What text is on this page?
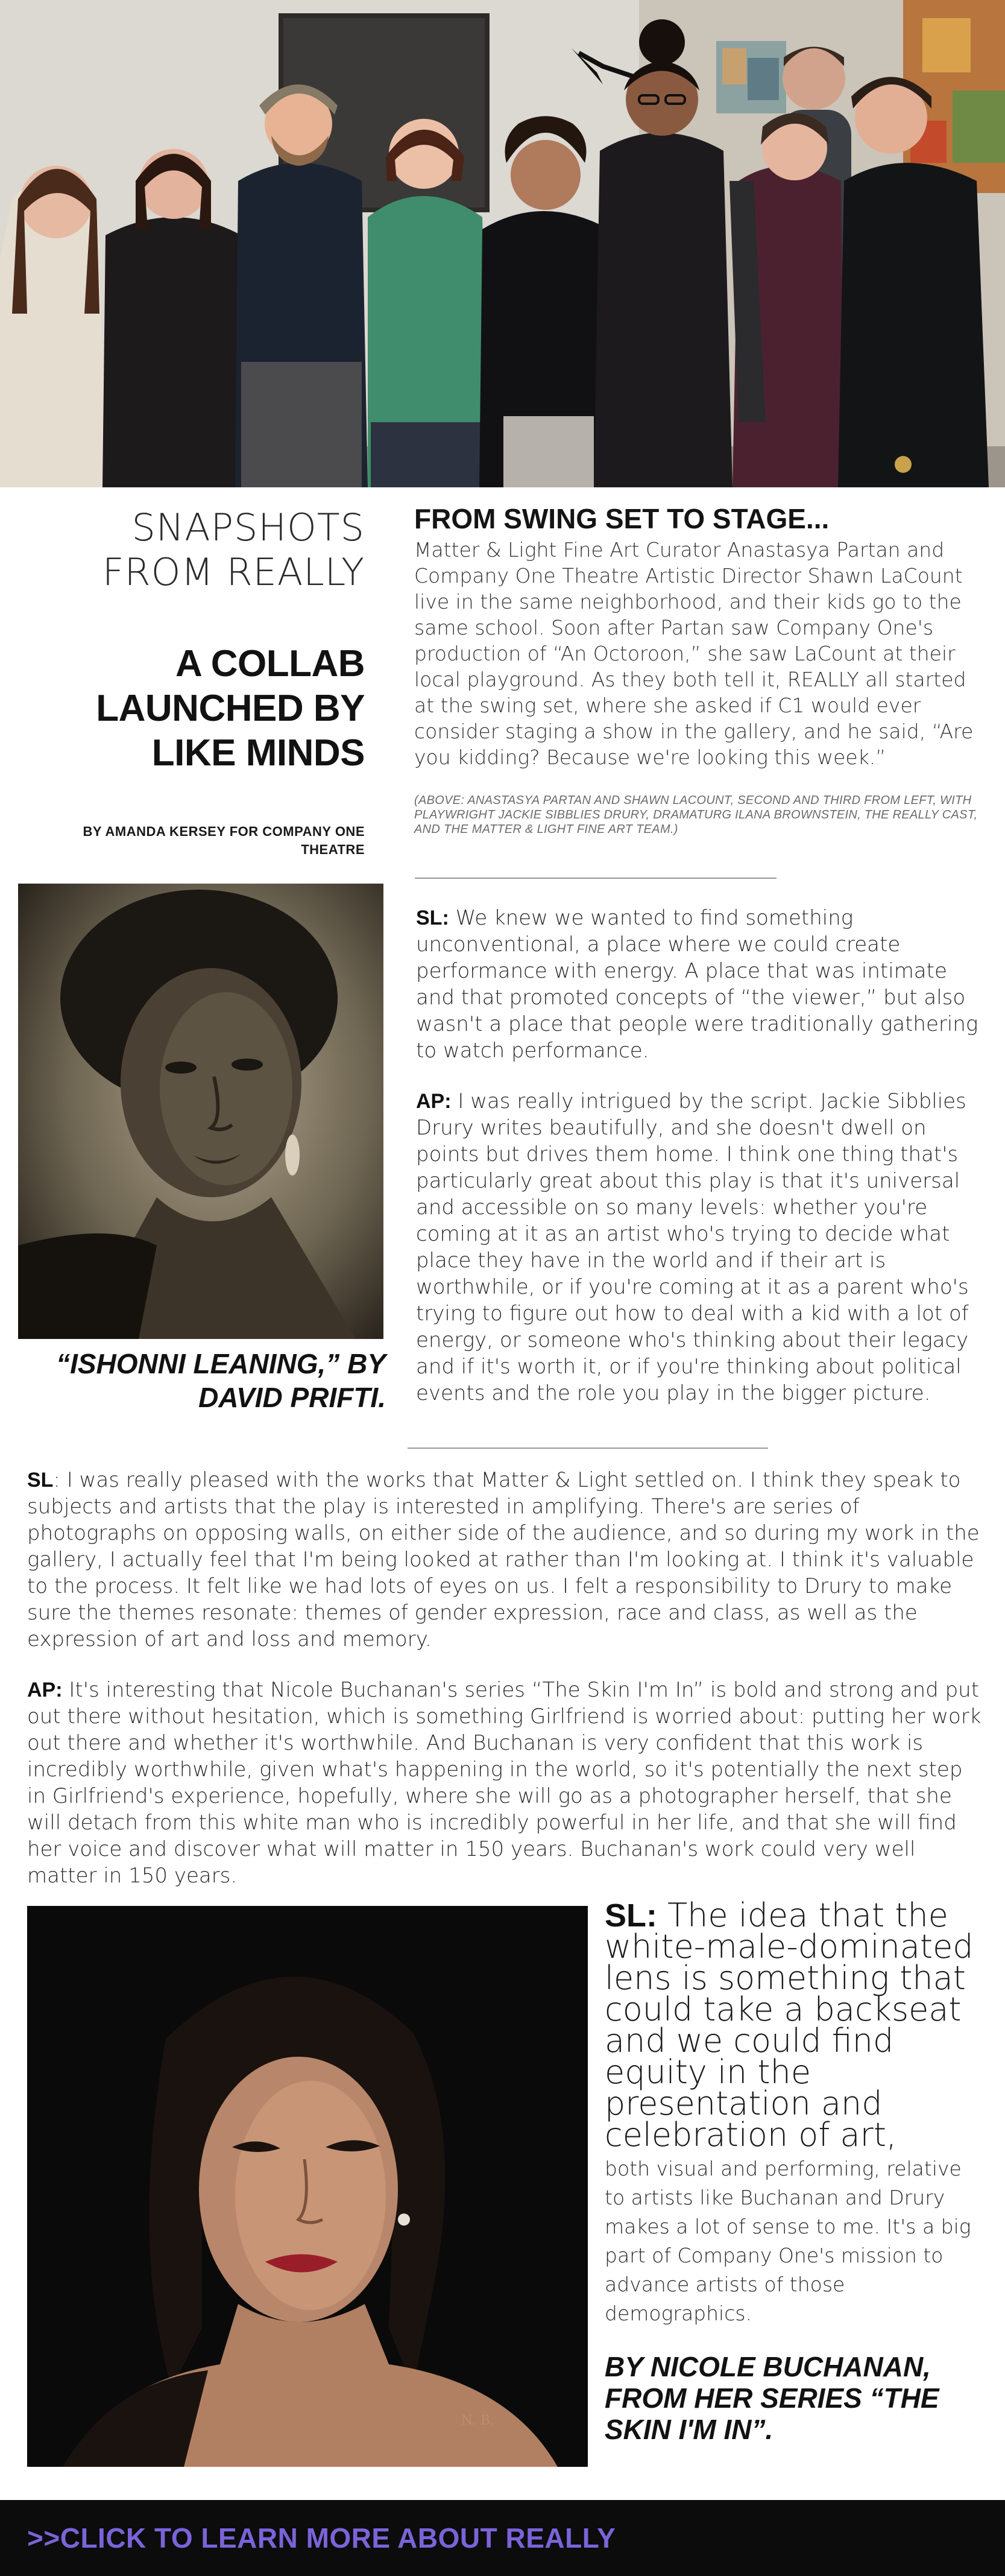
SNAPSHOTS FROM REALLY
A COLLAB LAUNCHED BY LIKE MINDS
BY AMANDA KERSEY FOR COMPANY ONE THEATRE
FROM SWING SET TO STAGE...
Matter & Light Fine Art Curator Anastasya Partan and Company One Theatre Artistic Director Shawn LaCount live in the same neighborhood, and their kids go to the same school. Soon after Partan saw Company One's production of “An Octoroon,” she saw LaCount at their local playground. As they both tell it, REALLY all started at the swing set, where she asked if C1 would ever consider staging a show in the gallery, and he said, “Are you kidding? Because we're looking this week.”
(ABOVE: ANASTASYA PARTAN AND SHAWN LACOUNT, SECOND AND THIRD FROM LEFT, WITH PLAYWRIGHT JACKIE SIBBLIES DRURY, DRAMATURG ILANA BROWNSTEIN, THE REALLY CAST, AND THE MATTER & LIGHT FINE ART TEAM.)
“ISHONNI LEANING,” BY DAVID PRIFTI.

SL: We knew we wanted to find something unconventional, a place where we could create performance with energy. A place that was intimate and that promoted concepts of “the viewer,” but also wasn't a place that people were traditionally gathering to watch performance.

AP: I was really intrigued by the script. Jackie Sibblies Drury writes beautifully, and she doesn't dwell on points but drives them home. I think one thing that's particularly great about this play is that it's universal and accessible on so many levels: whether you're coming at it as an artist who's trying to decide what place they have in the world and if their art is worthwhile, or if you're coming at it as a parent who's trying to figure out how to deal with a kid with a lot of energy, or someone who's thinking about their legacy and if it's worth it, or if you're thinking about political events and the role you play in the bigger picture.

SL: I was really pleased with the works that Matter & Light settled on. I think they speak to subjects and artists that the play is interested in amplifying. There's are series of photographs on opposing walls, on either side of the audience, and so during my work in the gallery, I actually feel that I'm being looked at rather than I'm looking at. I think it's valuable to the process. It felt like we had lots of eyes on us. I felt a responsibility to Drury to make sure the themes resonate: themes of gender expression, race and class, as well as the expression of art and loss and memory.

AP: It's interesting that Nicole Buchanan's series “The Skin I'm In” is bold and strong and put out there without hesitation, which is something Girlfriend is worried about: putting her work out there and whether it's worthwhile. And Buchanan is very confident that this work is incredibly worthwhile, given what's happening in the world, so it's potentially the next step in Girlfriend's experience, hopefully, where she will go as a photographer herself, that she will detach from this white man who is incredibly powerful in her life, and that she will find her voice and discover what will matter in 150 years. Buchanan's work could very well matter in 150 years.

N. B.
SL: The idea that the white-male-dominated lens is something that could take a backseat and we could find equity in the presentation and celebration of art,
both visual and performing, relative to artists like Buchanan and Drury makes a lot of sense to me. It's a big part of Company One's mission to advance artists of those demographics.
BY NICOLE BUCHANAN, FROM HER SERIES “THE SKIN I'M IN”.
>>CLICK TO LEARN MORE ABOUT REALLY
